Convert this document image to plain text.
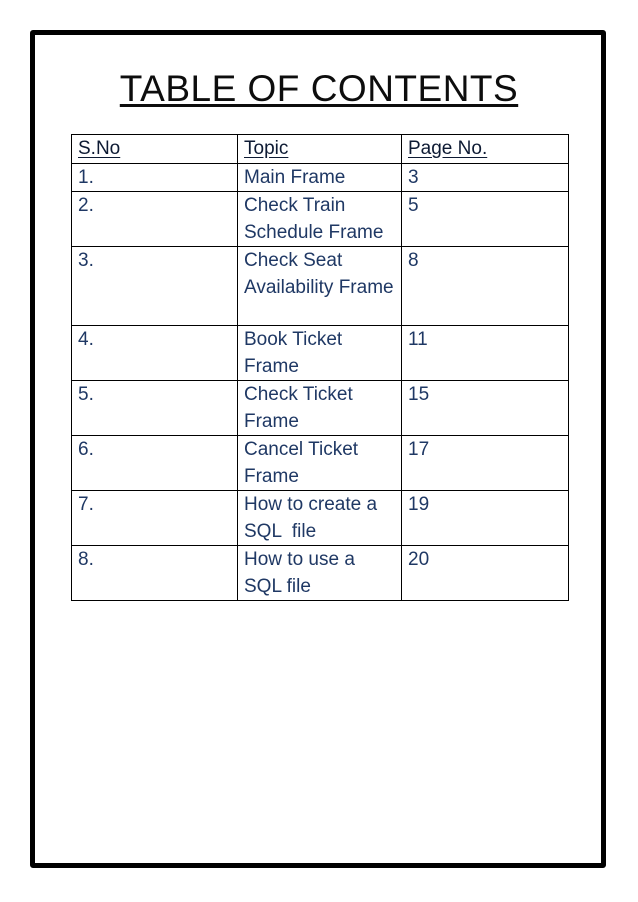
TABLE OF CONTENTS
S.No	Topic	Page No.
1.	Main Frame	3
2.	Check Train Schedule Frame	5
3.	Check Seat Availability Frame	8
4.	Book Ticket Frame	11
5.	Check Ticket Frame	15
6.	Cancel Ticket Frame	17
7.	How to create a SQL  file	19
8.	How to use a SQL file	20
